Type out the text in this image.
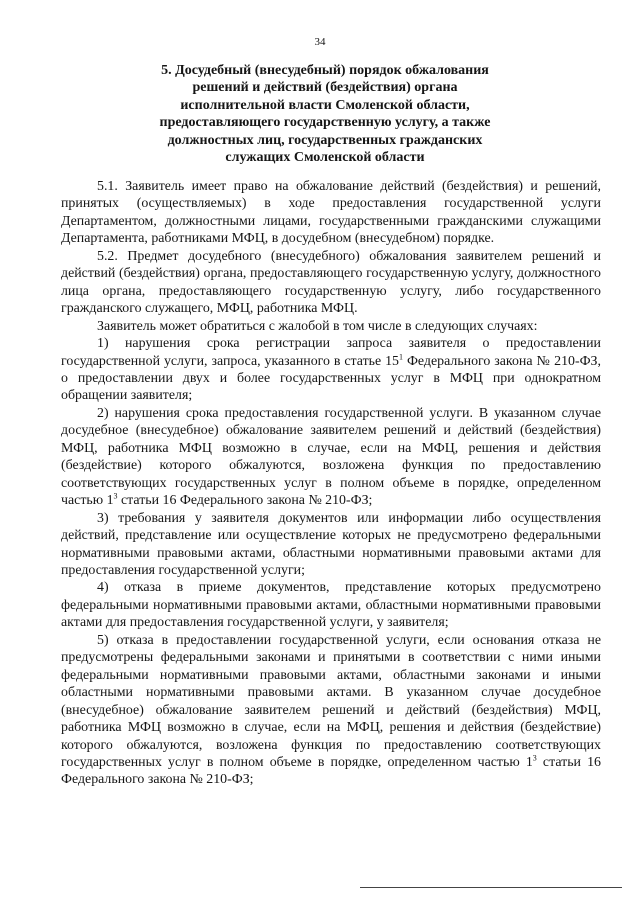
34
5. Досудебный (внесудебный) порядок обжалования
решений и действий (бездействия) органа
исполнительной власти Смоленской области,
предоставляющего государственную услугу, а также
должностных лиц, государственных гражданских
служащих Смоленской области

5.1. Заявитель имеет право на обжалование действий (бездействия) и решений, принятых (осуществляемых) в ходе предоставления государственной услуги Департаментом, должностными лицами, государственными гражданскими служащими Департамента, работниками МФЦ, в досудебном (внесудебном) порядке.

5.2. Предмет досудебного (внесудебного) обжалования заявителем решений и действий (бездействия) органа, предоставляющего государственную услугу, должностного лица органа, предоставляющего государственную услугу, либо государственного гражданского служащего, МФЦ, работника МФЦ.

Заявитель может обратиться с жалобой в том числе в следующих случаях:

1) нарушения срока регистрации запроса заявителя о предоставлении государственной услуги, запроса, указанного в статье $15^1$ Федерального закона № 210-ФЗ, о предоставлении двух и более государственных услуг в МФЦ при однократном обращении заявителя;

2) нарушения срока предоставления государственной услуги. В указанном случае досудебное (внесудебное) обжалование заявителем решений и действий (бездействия) МФЦ, работника МФЦ возможно в случае, если на МФЦ, решения и действия (бездействие) которого обжалуются, возложена функция по предоставлению соответствующих государственных услуг в полном объеме в порядке, определенном частью $1^3$ статьи 16 Федерального закона № 210-ФЗ;

3) требования у заявителя документов или информации либо осуществления действий, представление или осуществление которых не предусмотрено федеральными нормативными правовыми актами, областными нормативными правовыми актами для предоставления государственной услуги;

4) отказа в приеме документов, представление которых предусмотрено федеральными нормативными правовыми актами, областными нормативными правовыми актами для предоставления государственной услуги, у заявителя;

5) отказа в предоставлении государственной услуги, если основания отказа не предусмотрены федеральными законами и принятыми в соответствии с ними иными федеральными нормативными правовыми актами, областными законами и иными областными нормативными правовыми актами. В указанном случае досудебное (внесудебное) обжалование заявителем решений и действий (бездействия) МФЦ, работника МФЦ возможно в случае, если на МФЦ, решения и действия (бездействие) которого обжалуются, возложена функция по предоставлению соответствующих государственных услуг в полном объеме в порядке, определенном частью $1^3$ статьи 16 Федерального закона № 210-ФЗ;
